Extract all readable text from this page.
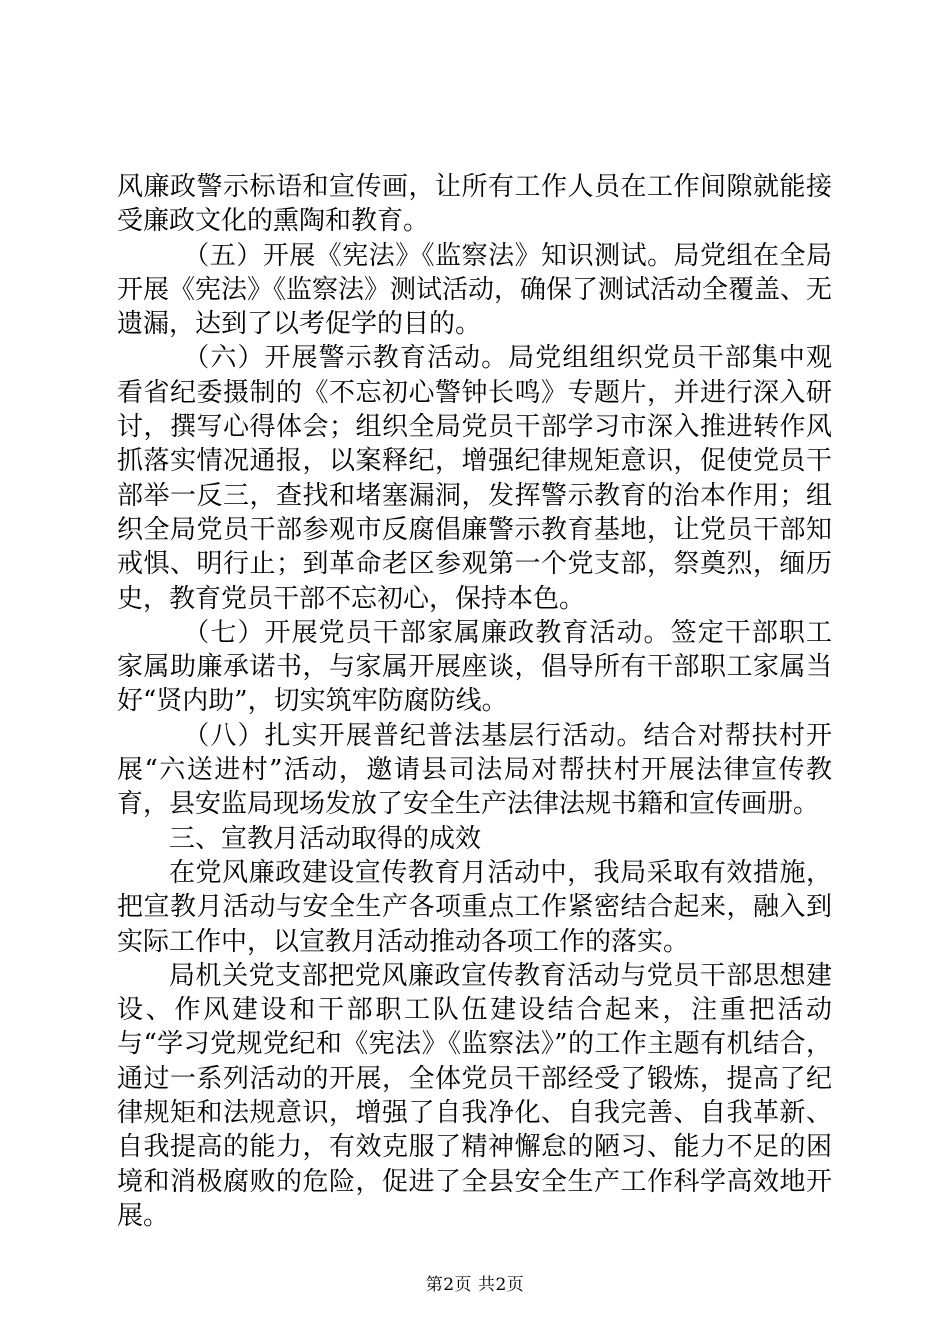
风廉政警示标语和宣传画，让所有工作人员在工作间隙就能接受廉政文化的熏陶和教育。

（五）开展《宪法》《监察法》知识测试。局党组在全局开展《宪法》《监察法》测试活动，确保了测试活动全覆盖、无遗漏，达到了以考促学的目的。

（六）开展警示教育活动。局党组组织党员干部集中观看省纪委摄制的《不忘初心警钟长鸣》专题片，并进行深入研讨，撰写心得体会；组织全局党员干部学习市深入推进转作风抓落实情况通报，以案释纪，增强纪律规矩意识，促使党员干部举一反三，查找和堵塞漏洞，发挥警示教育的治本作用；组织全局党员干部参观市反腐倡廉警示教育基地，让党员干部知戒惧、明行止；到革命老区参观第一个党支部，祭奠烈，缅历史，教育党员干部不忘初心，保持本色。

（七）开展党员干部家属廉政教育活动。签定干部职工家属助廉承诺书，与家属开展座谈，倡导所有干部职工家属当好“贤内助”，切实筑牢防腐防线。

（八）扎实开展普纪普法基层行活动。结合对帮扶村开展“六送进村”活动，邀请县司法局对帮扶村开展法律宣传教育，县安监局现场发放了安全生产法律法规书籍和宣传画册。

三、宣教月活动取得的成效

在党风廉政建设宣传教育月活动中，我局采取有效措施，把宣教月活动与安全生产各项重点工作紧密结合起来，融入到实际工作中，以宣教月活动推动各项工作的落实。

局机关党支部把党风廉政宣传教育活动与党员干部思想建设、作风建设和干部职工队伍建设结合起来，注重把活动与“学习党规党纪和《宪法》《监察法》”的工作主题有机结合，通过一系列活动的开展，全体党员干部经受了锻炼，提高了纪律规矩和法规意识，增强了自我净化、自我完善、自我革新、自我提高的能力，有效克服了精神懈怠的陋习、能力不足的困境和消极腐败的危险，促进了全县安全生产工作科学高效地开展。

第2页 共2页
